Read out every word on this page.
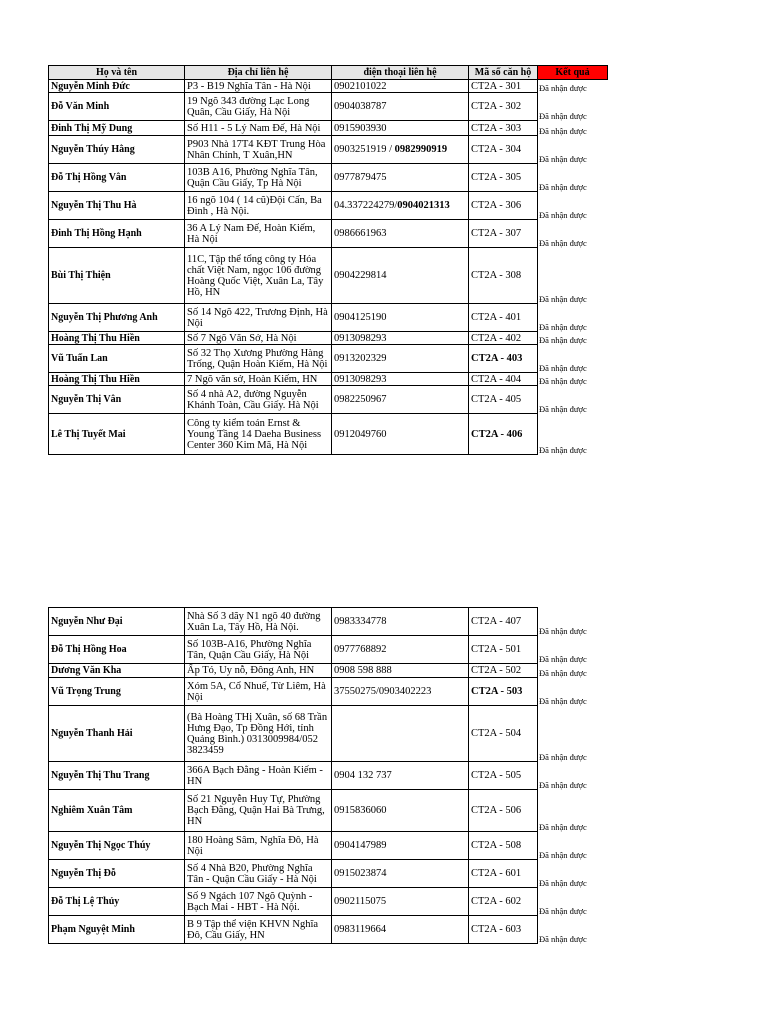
Họ và tên	Địa chỉ liên hệ	điện thoại liên hệ	Mã số căn hộ	Kết quả
Nguyễn Minh Đức	P3 - B19 Nghĩa Tân - Hà Nội	0902101022	CT2A - 301	Đã nhận được
Đỗ Văn Minh	19 Ngõ 343 đường Lạc Long Quân, Cầu Giấy, Hà Nội	0904038787	CT2A - 302	Đã nhận được
Đinh Thị Mỹ Dung	Số H11 - 5 Lý Nam Đế, Hà Nội	0915903930	CT2A - 303	Đã nhận được
Nguyễn Thúy Hằng	P903 Nhà 17T4 KĐT Trung Hòa Nhân Chính, T Xuân,HN	0903251919 / 0982990919	CT2A - 304	Đã nhận được
Đỗ Thị Hồng Vân	103B A16, Phường Nghĩa Tân, Quận Cầu Giấy, Tp Hà Nội	0977879475	CT2A - 305	Đã nhận được
Nguyễn Thị Thu Hà	16 ngõ 104 ( 14 cũ)Đội Cấn, Ba Đình , Hà Nội.	04.337224279/0904021313	CT2A - 306	Đã nhận được
Đinh Thị Hồng Hạnh	36 A Lý Nam Đế, Hoàn Kiếm, Hà Nội	0986661963	CT2A - 307	Đã nhận được
Bùi Thị Thiện	11C, Tập thể tổng công ty Hóa chất Việt Nam, ngọc 106 đường Hoàng Quốc Việt, Xuân La, Tây Hồ, HN	0904229814	CT2A - 308	Đã nhận được
Nguyễn Thị Phương Anh	Số 14 Ngõ 422, Trương Định, Hà Nội	0904125190	CT2A - 401	Đã nhận được
Hoàng Thị Thu Hiền	Số 7 Ngõ Văn Sở, Hà Nội	0913098293	CT2A - 402	Đã nhận được
Vũ Tuấn Lan	Số 32 Thọ Xương Phường Hàng Trống, Quận Hoàn Kiếm, Hà Nội	0913202329	CT2A - 403	Đã nhận được
Hoàng Thị Thu Hiền	7 Ngõ văn sở, Hoàn Kiếm, HN	0913098293	CT2A - 404	Đã nhận được
Nguyễn Thị Vân	Số 4 nhà A2, đường Nguyễn Khánh Toàn, Cầu Giấy. Hà Nội	0982250967	CT2A - 405	Đã nhận được
Lê Thị Tuyết Mai	Công ty kiểm toán Ernst & Young Tầng 14 Daeha Business Center 360 Kim Mã, Hà Nội	0912049760	CT2A - 406	Đã nhận được
Nguyễn Như Đại	Nhà Số 3 dãy N1 ngõ 40 đường Xuân La, Tây Hồ, Hà Nội.	0983334778	CT2A - 407	Đã nhận được
Đỗ Thị Hồng Hoa	Số 103B-A16, Phường Nghĩa Tân, Quận Cầu Giấy, Hà Nội	0977768892	CT2A - 501	Đã nhận được
Dương Văn Kha	Ấp Tó, Uy nỗ, Đông Anh, HN	0908 598 888	CT2A - 502	Đã nhận được
Vũ Trọng Trung	Xóm 5A, Cổ Nhuế, Từ Liêm, Hà Nội	37550275/0903402223	CT2A - 503	Đã nhận được
Nguyễn Thanh Hải	(Bà Hoàng THị Xuân, số 68 Trần Hưng Đạo, Tp Đồng Hới, tỉnh Quảng Bình.) 0313009984/052 3823459		CT2A - 504	Đã nhận được
Nguyễn Thị Thu Trang	366A Bạch Đằng - Hoàn Kiếm - HN	0904 132 737	CT2A - 505	Đã nhận được
Nghiêm Xuân Tâm	Số 21 Nguyễn Huy Tự, Phường Bạch Đằng, Quận Hai Bà Trưng, HN	0915836060	CT2A - 506	Đã nhận được
Nguyễn Thị Ngọc Thúy	180 Hoàng Sâm, Nghĩa Đô, Hà Nội	0904147989	CT2A - 508	Đã nhận được
Nguyễn Thị Đỗ	Số 4 Nhà B20, Phường Nghĩa Tân - Quận Cầu Giấy - Hà Nội	0915023874	CT2A - 601	Đã nhận được
Đỗ Thị Lệ Thủy	Số 9 Ngách 107 Ngõ Quỳnh - Bạch Mai - HBT - Hà Nội.	0902115075	CT2A - 602	Đã nhận được
Phạm Nguyệt Minh	B 9 Tập thể viện KHVN Nghĩa Đô, Cầu Giấy, HN	0983119664	CT2A - 603	Đã nhận được
